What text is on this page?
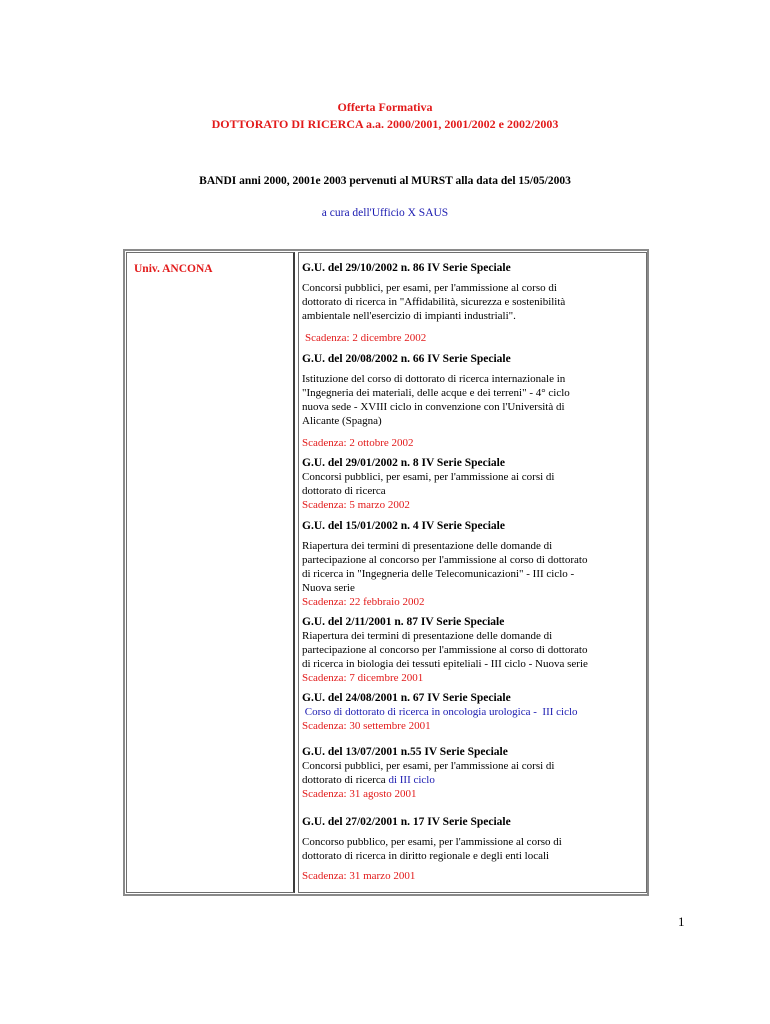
Offerta Formativa
DOTTORATO DI RICERCA a.a. 2000/2001, 2001/2002 e 2002/2003
BANDI anni 2000, 2001e 2003 pervenuti al MURST alla data del 15/05/2003
a cura dell'Ufficio X SAUS
Univ. ANCONA	G.U. del 29/10/2002 n. 86 IV Serie Speciale
Concorsi pubblici, per esami, per l'ammissione al corso di
dottorato di ricerca in "Affidabilità, sicurezza e sostenibilità
ambientale nell'esercizio di impianti industriali".
Scadenza: 2 dicembre 2002
G.U. del 20/08/2002 n. 66 IV Serie Speciale
Istituzione del corso di dottorato di ricerca internazionale in
"Ingegneria dei materiali, delle acque e dei terreni" - 4° ciclo
nuova sede - XVIII ciclo in convenzione con l'Università di
Alicante (Spagna)
Scadenza: 2 ottobre 2002
G.U. del 29/01/2002 n. 8 IV Serie Speciale
Concorsi pubblici, per esami, per l'ammissione ai corsi di
dottorato di ricerca
Scadenza: 5 marzo 2002
G.U. del 15/01/2002 n. 4 IV Serie Speciale
Riapertura dei termini di presentazione delle domande di
partecipazione al concorso per l'ammissione al corso di dottorato
di ricerca in "Ingegneria delle Telecomunicazioni" - III ciclo -
Nuova serie
Scadenza: 22 febbraio 2002
G.U. del 2/11/2001 n. 87 IV Serie Speciale
Riapertura dei termini di presentazione delle domande di
partecipazione al concorso per l'ammissione al corso di dottorato
di ricerca in biologia dei tessuti epiteliali - III ciclo - Nuova serie
Scadenza: 7 dicembre 2001
G.U. del 24/08/2001 n. 67 IV Serie Speciale
Corso di dottorato di ricerca in oncologia urologica -  III ciclo
Scadenza: 30 settembre 2001
G.U. del 13/07/2001 n.55 IV Serie Speciale
Concorsi pubblici, per esami, per l'ammissione ai corsi di
dottorato di ricerca di III ciclo
Scadenza: 31 agosto 2001
G.U. del 27/02/2001 n. 17 IV Serie Speciale
Concorso pubblico, per esami, per l'ammissione al corso di
dottorato di ricerca in diritto regionale e degli enti locali
Scadenza: 31 marzo 2001
1
